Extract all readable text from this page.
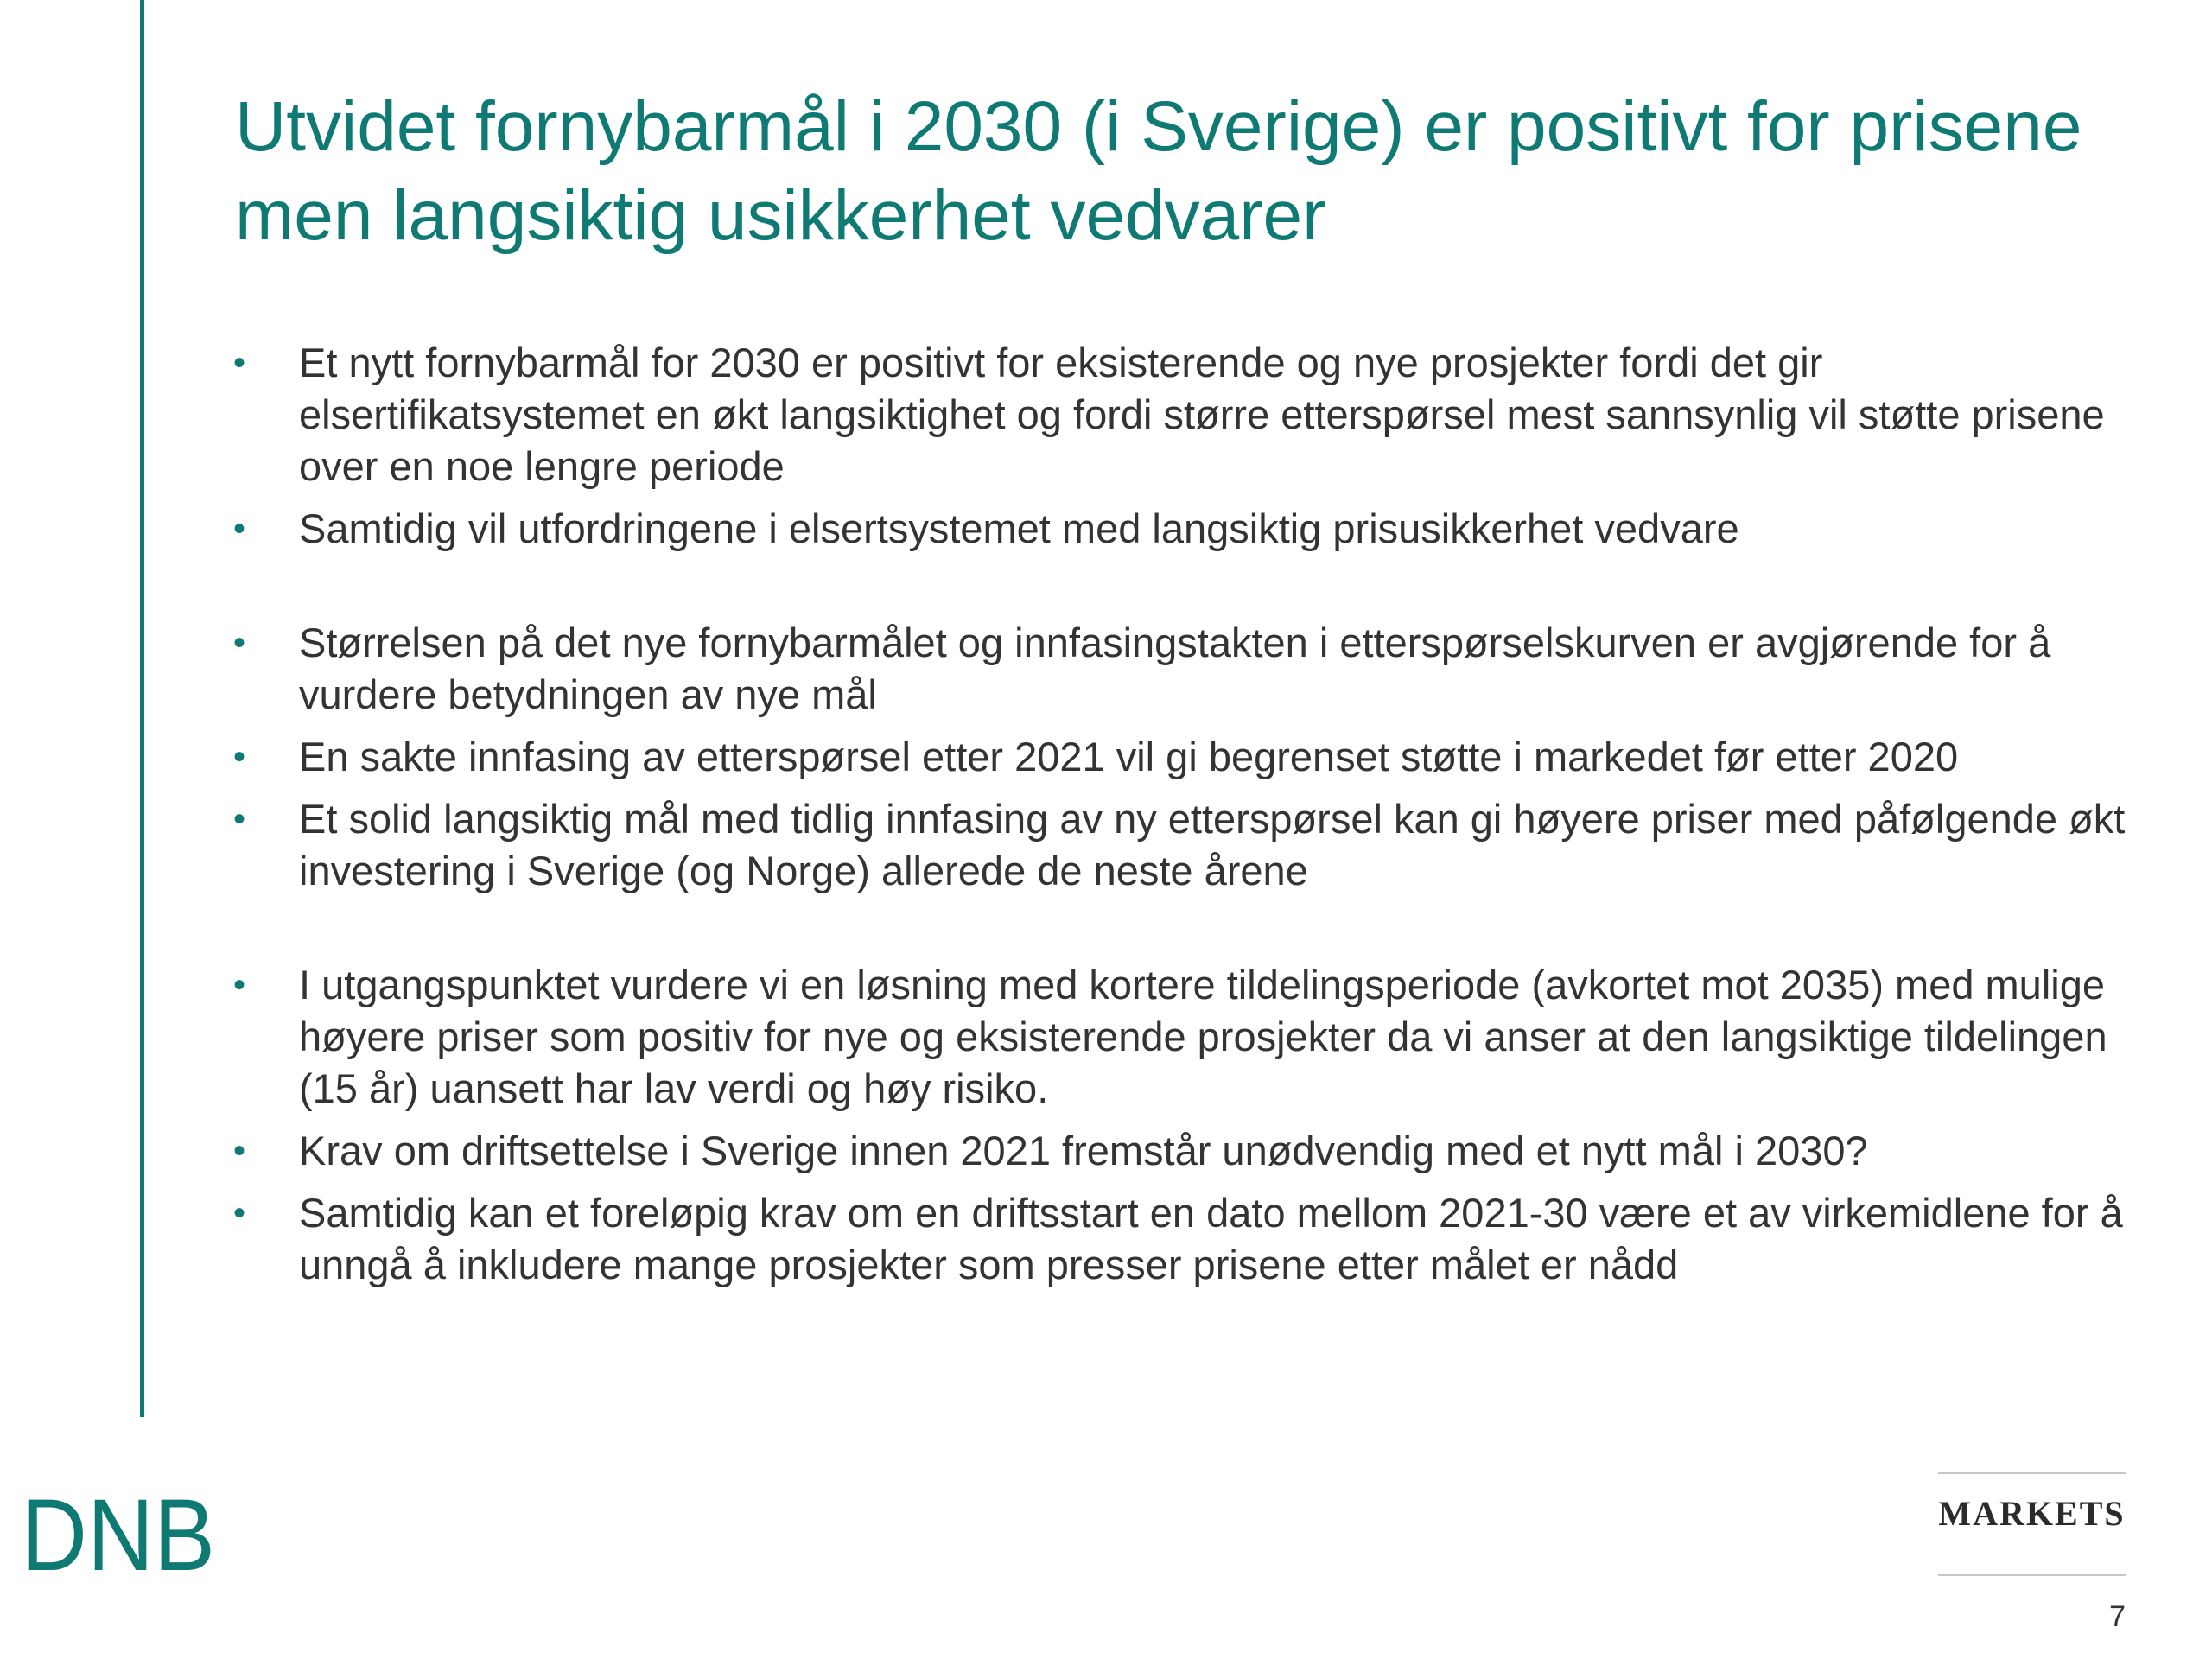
Utvidet fornybarmål i 2030 (i Sverige) er positivt for prisene men langsiktig usikkerhet vedvarer
• Et nytt fornybarmål for 2030 er positivt for eksisterende og nye prosjekter fordi det gir elsertifikatsystemet en økt langsiktighet og fordi større etterspørsel mest sannsynlig vil støtte prisene over en noe lengre periode
• Samtidig vil utfordringene i elsertsystemet med langsiktig prisusikkerhet vedvare
• Størrelsen på det nye fornybarmålet og innfasingstakten i etterspørselskurven er avgjørende for å vurdere betydningen av nye mål
• En sakte innfasing av etterspørsel etter 2021 vil gi begrenset støtte i markedet før etter 2020
• Et solid langsiktig mål med tidlig innfasing av ny etterspørsel kan gi høyere priser med påfølgende økt investering i Sverige (og Norge) allerede de neste årene
• I utgangspunktet vurdere vi en løsning med kortere tildelingsperiode (avkortet mot 2035) med mulige høyere priser som positiv for nye og eksisterende prosjekter da vi anser at den langsiktige tildelingen (15 år) uansett har lav verdi og høy risiko.
• Krav om driftsettelse i Sverige innen 2021 fremstår unødvendig med et nytt mål i 2030?
• Samtidig kan et foreløpig krav om en driftsstart en dato mellom 2021-30 være et av virkemidlene for å unngå å inkludere mange prosjekter som presser prisene etter målet er nådd
DNB	MARKETS
7
